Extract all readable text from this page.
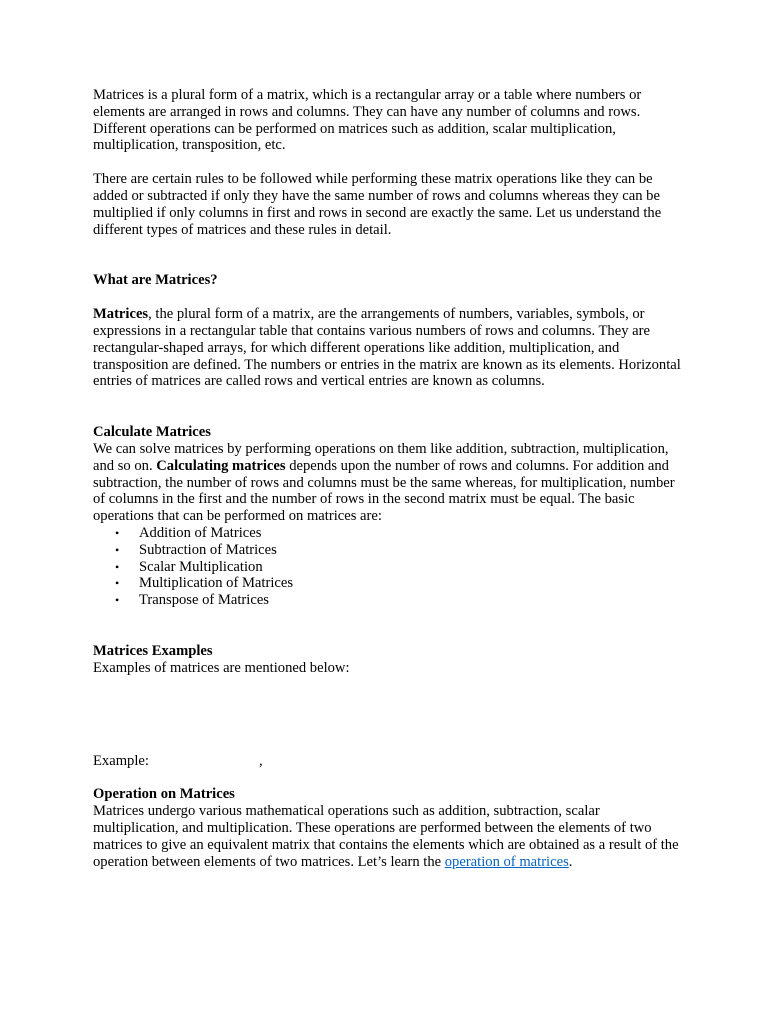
Matrices is a plural form of a matrix, which is a rectangular array or a table where numbers or elements are arranged in rows and columns. They can have any number of columns and rows. Different operations can be performed on matrices such as addition, scalar multiplication, multiplication, transposition, etc.

There are certain rules to be followed while performing these matrix operations like they can be added or subtracted if only they have the same number of rows and columns whereas they can be multiplied if only columns in first and rows in second are exactly the same. Let us understand the different types of matrices and these rules in detail.

What are Matrices?

Matrices, the plural form of a matrix, are the arrangements of numbers, variables, symbols, or expressions in a rectangular table that contains various numbers of rows and columns. They are rectangular-shaped arrays, for which different operations like addition, multiplication, and transposition are defined. The numbers or entries in the matrix are known as its elements. Horizontal entries of matrices are called rows and vertical entries are known as columns.

Calculate Matrices

We can solve matrices by performing operations on them like addition, subtraction, multiplication, and so on. Calculating matrices depends upon the number of rows and columns. For addition and subtraction, the number of rows and columns must be the same whereas, for multiplication, number of columns in the first and the number of rows in the second matrix must be equal. The basic operations that can be performed on matrices are:

• Addition of Matrices
• Subtraction of Matrices
• Scalar Multiplication
• Multiplication of Matrices
• Transpose of Matrices

Matrices Examples

Examples of matrices are mentioned below:

Example:	,

Operation on Matrices

Matrices undergo various mathematical operations such as addition, subtraction, scalar multiplication, and multiplication. These operations are performed between the elements of two matrices to give an equivalent matrix that contains the elements which are obtained as a result of the operation between elements of two matrices. Let’s learn the operation of matrices.
